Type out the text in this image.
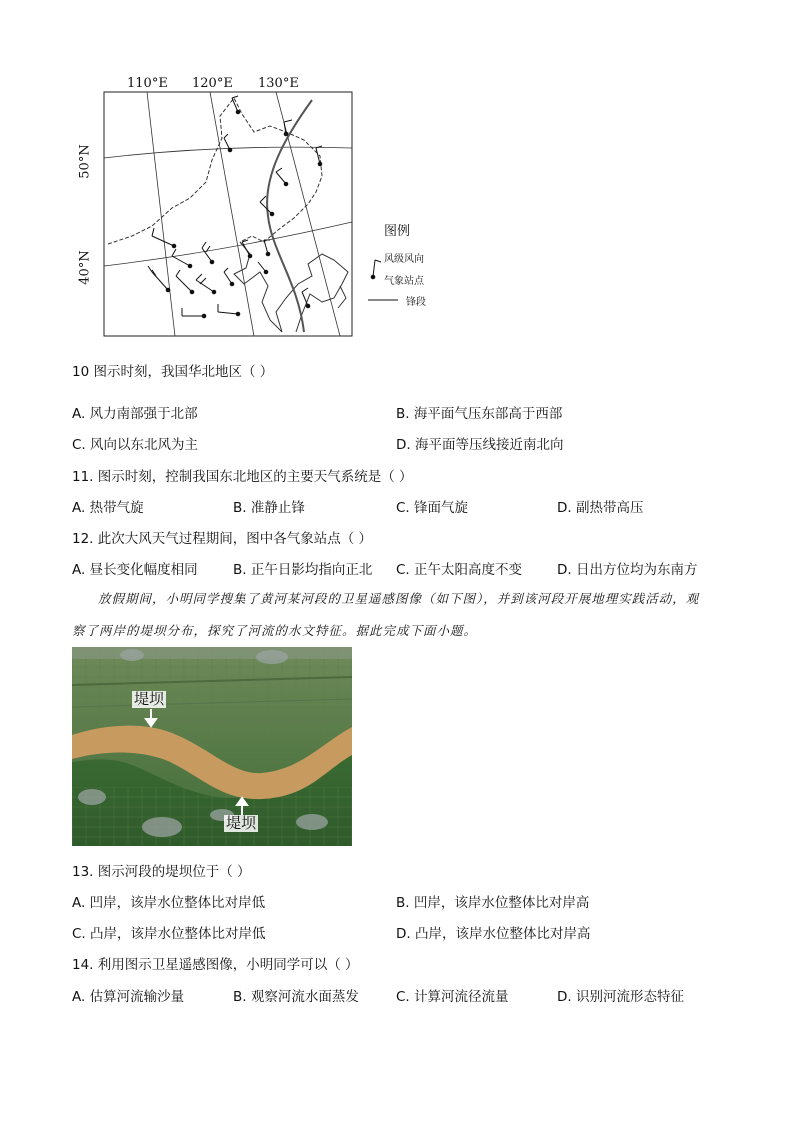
110°E 120°E 130°E
50°N
40°N
图例
风级风向
气象站点
锋段
10 图示时刻，我国华北地区（ ）
A. 风力南部强于北部	B. 海平面气压东部高于西部
C. 风向以东北风为主	D. 海平面等压线接近南北向
11. 图示时刻，控制我国东北地区的主要天气系统是（ ）
A. 热带气旋	B. 准静止锋	C. 锋面气旋	D. 副热带高压
12. 此次大风天气过程期间，图中各气象站点（ ）
A. 昼长变化幅度相同	B. 正午日影均指向正北 C. 正午太阳高度不变	D. 日出方位均为东南方
放假期间，小明同学搜集了黄河某河段的卫星遥感图像（如下图），并到该河段开展地理实践活动，观
察了两岸的堤坝分布，探究了河流的水文特征。据此完成下面小题。
堤坝
堤坝
13. 图示河段的堤坝位于（ ）
A. 凹岸，该岸水位整体比对岸低	B. 凹岸，该岸水位整体比对岸高
C. 凸岸，该岸水位整体比对岸低	D. 凸岸，该岸水位整体比对岸高
14. 利用图示卫星遥感图像，小明同学可以（ ）
A. 估算河流输沙量	B. 观察河流水面蒸发	C. 计算河流径流量	D. 识别河流形态特征
